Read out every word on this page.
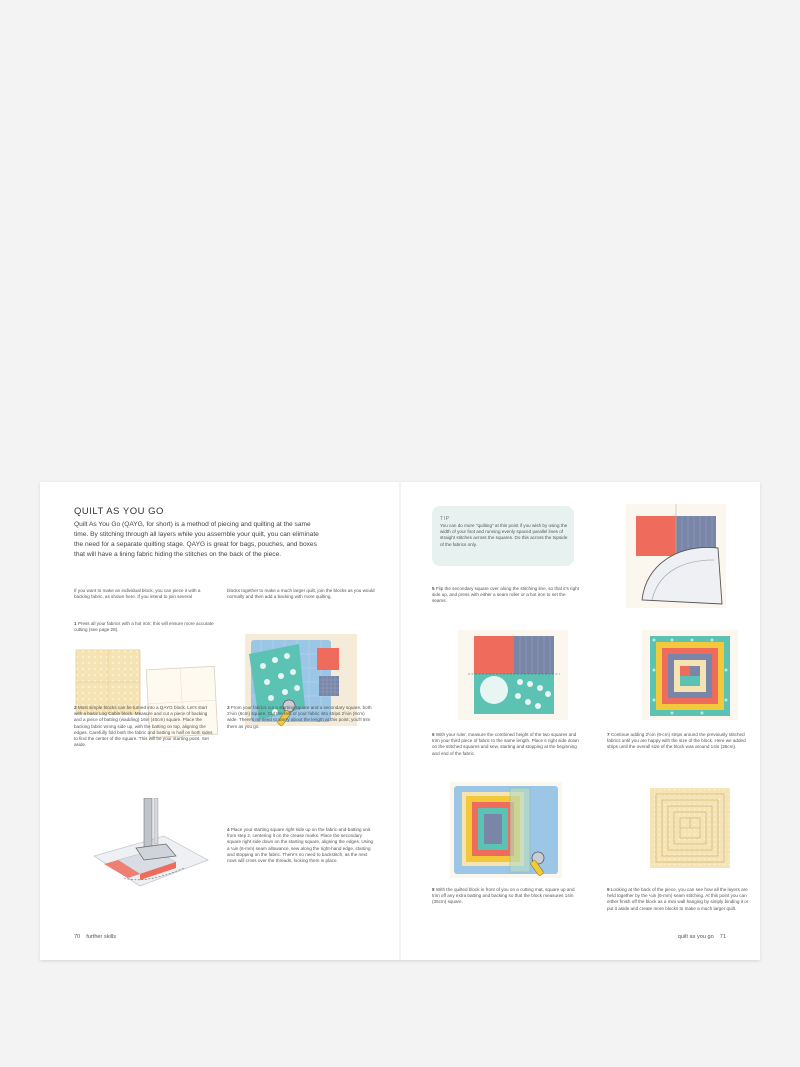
QUILT AS YOU GO
Quilt As You Go (QAYG, for short) is a method of piecing and quilting at the same time. By stitching through all layers while you assemble your quilt, you can eliminate the need for a separate quilting stage. QAYG is great for bags, pouches, and boxes that will have a lining fabric hiding the stitches on the back of the piece.
If you want to make an individual block, you can piece it with a backing fabric, as shown here. If you intend to join several
blocks together to make a much larger quilt, join the blocks as you would normally and then add a backing with more quilting.
1 Press all your fabrics with a hot iron; this will ensure more accurate cutting (see page 28).
2 Most simple blocks can be turned into a QAYG block. Let's start with a basic Log Cabin block. Measure and cut a piece of backing and a piece of batting (wadding) 16in (40cm) square. Place the backing fabric wrong side up, with the batting on top, aligning the edges. Carefully fold both the fabric and batting in half on both sides to find the center of the square. This will be your starting point. Set aside.
3 From your fabrics cut a starting square and a secondary square, both 2½in (6cm) square. Cut the rest of your fabric into strips 2½in (6cm) wide. There's no need to worry about the length at this point; you'll trim them as you go.
4 Place your starting square right side up on the fabric-and-batting unit from step 2, centering it on the crease marks. Place the secondary square right side down on the starting square, aligning the edges. Using a ¼in (6-mm) seam allowance, sew along the right-hand edge, starting and stopping on the fabric. There's no need to backstitch, as the next rows will cross over the threads, locking them in place.
70 further skills
TIP
You can do more "quilting" at this point if you wish by using the width of your foot and running evenly spaced parallel lines of straight stitches across the squares. Do this across the topside of the fabrics only.
5 Flip the secondary square over along the stitching line, so that it's right side up, and press with either a seam roller or a hot iron to set the seams.
6 With your ruler, measure the combined height of the two squares and trim your third piece of fabric to the same length. Place it right side down on the stitched squares and sew, starting and stopping at the beginning and end of the fabric.
7 Continue adding 2½in (6-cm) strips around the previously stitched fabrics until you are happy with the size of the block. Here we added strips until the overall size of the block was around 14in (35cm).
8 With the quilted block in front of you on a cutting mat, square up and trim off any extra batting and backing so that the block measures 14in (35cm) square.
9 Looking at the back of the piece, you can see how all the layers are held together by the ¼in (6-mm) seam stitching. At this point you can either finish off the block as a mini wall hanging by simply binding it or put it aside and create more blocks to make a much larger quilt.
quilt as you go 71
